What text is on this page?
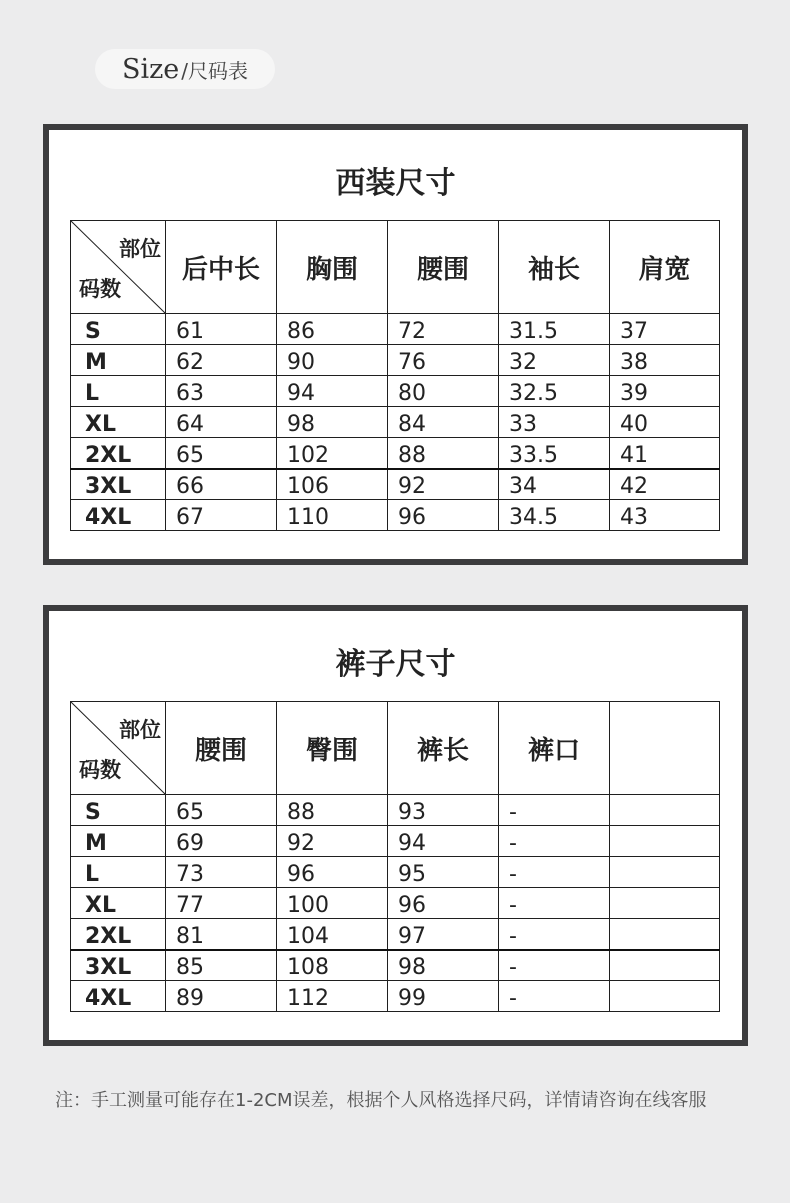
Size /尺码表
西装尺寸
部位
码数	后中长	胸围	腰围	袖长	肩宽
S	61	86	72	31.5	37
M	62	90	76	32	38
L	63	94	80	32.5	39
XL	64	98	84	33	40
2XL	65	102	88	33.5	41
3XL	66	106	92	34	42
4XL	67	110	96	34.5	43
裤子尺寸
部位
码数	腰围	臀围	裤长	裤口	
S	65	88	93	-	
M	69	92	94	-	
L	73	96	95	-	
XL	77	100	96	-	
2XL	81	104	97	-	
3XL	85	108	98	-	
4XL	89	112	99	-	
注：手工测量可能存在1-2CM误差，根据个人风格选择尺码，详情请咨询在线客服
